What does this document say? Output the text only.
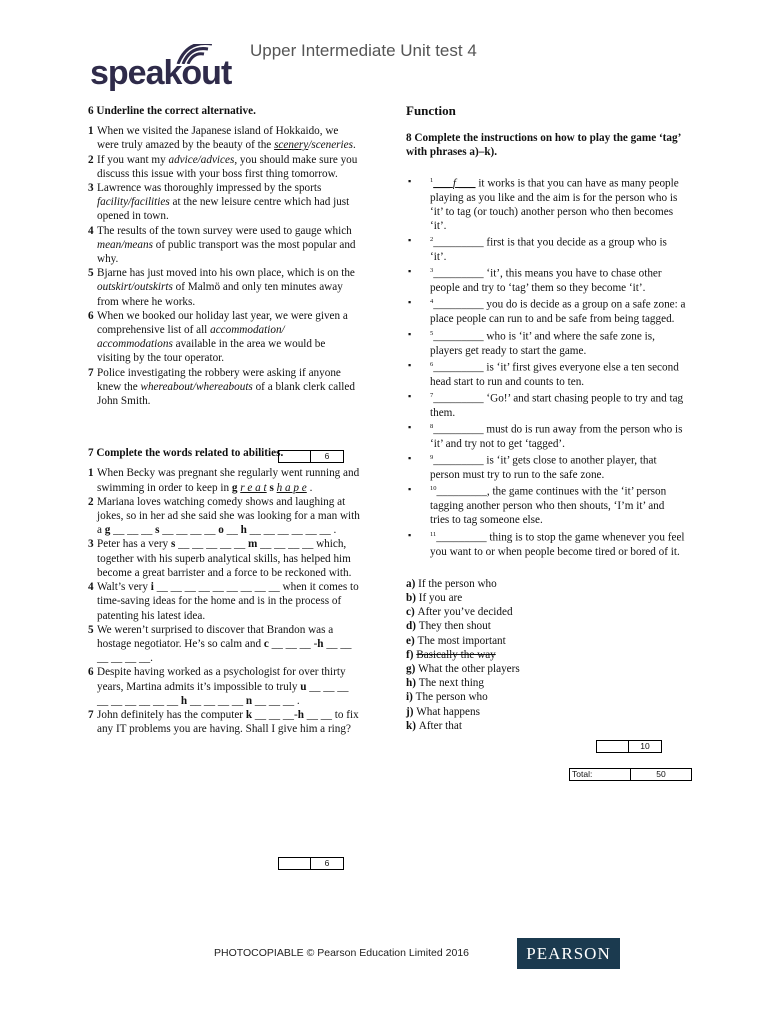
speakout
Upper Intermediate Unit test 4
6 Underline the correct alternative.
1 When we visited the Japanese island of Hokkaido, we were truly amazed by the beauty of the scenery/sceneries.
2 If you want my advice/advices, you should make sure you discuss this issue with your boss first thing tomorrow.
3 Lawrence was thoroughly impressed by the sports facility/facilities at the new leisure centre which had just opened in town.
4 The results of the town survey were used to gauge which mean/means of public transport was the most popular and why.
5 Bjarne has just moved into his own place, which is on the outskirt/outskirts of Malmö and only ten minutes away from where he works.
6 When we booked our holiday last year, we were given a comprehensive list of all accommodation/ accommodations available in the area we would be visiting by the tour operator.
7 Police investigating the robbery were asking if anyone knew the whereabout/whereabouts of a blank clerk called John Smith.
7 Complete the words related to abilities.
1 When Becky was pregnant she regularly went running and swimming in order to keep in g r e a t s h a p e .
2 Mariana loves watching comedy shows and laughing at jokes, so in her ad she said she was looking for a man with a g __ __ __ s __ __ __ __ o __ h __ __ __ __ __ __ .
3 Peter has a very s __ __ __ __ __ m __ __ __ __ which, together with his superb analytical skills, has helped him become a great barrister and a force to be reckoned with.
4 Walt’s very i __ __ __ __ __ __ __ __ __ when it comes to time-saving ideas for the home and is in the process of patenting his latest idea.
5 We weren’t surprised to discover that Brandon was a hostage negotiator. He’s so calm and c __ __ __ -h __ __ __ __ __ __.
6 Despite having worked as a psychologist for over thirty years, Martina admits it’s impossible to truly u __ __ __ __ __ __ __ __ __ h __ __ __ __ n __ __ __ .
7 John definitely has the computer k __ __ __-h __ __ to fix any IT problems you are having. Shall I give him a ring?
6
6
Function
8 Complete the instructions on how to play the game ‘tag’ with phrases a)–k).
▪	$^1$___ f ___ it works is that you can have as many people playing as you like and the aim is for the person who is ‘it’ to tag (or touch) another person who then becomes ‘it’.
▪	$^2$_________ first is that you decide as a group who is ‘it’.
▪	$^3$_________ ‘it’, this means you have to chase other people and try to ‘tag’ them so they become ‘it’.
▪	$^4$_________ you do is decide as a group on a safe zone: a place people can run to and be safe from being tagged.
▪	$^5$_________ who is ‘it’ and where the safe zone is, players get ready to start the game.
▪	$^6$_________ is ‘it’ first gives everyone else a ten second head start to run and counts to ten.
▪	$^7$_________ ‘Go!’ and start chasing people to try and tag them.
▪	$^8$_________ must do is run away from the person who is ‘it’ and try not to get ‘tagged’.
▪	$^9$_________ is ‘it’ gets close to another player, that person must try to run to the safe zone.
▪	$^{10}$_________, the game continues with the ‘it’ person tagging another person who then shouts, ‘I’m it’ and tries to tag someone else.
▪	$^{11}$_________ thing is to stop the game whenever you feel you want to or when people become tired or bored of it.
a) If the person who
b) If you are
c) After you’ve decided
d) They then shout
e) The most important
f) Basically the way
g) What the other players
h) The next thing
i) The person who
j) What happens
k) After that
10
Total:	50
PHOTOCOPIABLE © Pearson Education Limited 2016	PEARSON
